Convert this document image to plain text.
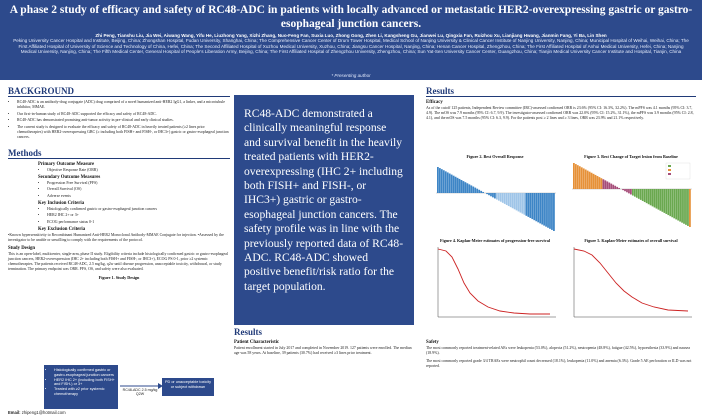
A phase 2 study of efficacy and safety of RC48-ADC in patients with locally advanced or metastatic HER2-overexpressing gastric or gastro-esophageal junction cancers.
Zhi Peng, Tianshu Liu, Jia Wei, Aiwang Wang, Yifu He, Liuzhong Yang, Xizhi Zhang, Nuo-Feng Fan, Suxia Luo, Zhong Gong, Zhen Li, Kangsheng Gu, Jianwei Lu, Qingxia Fan, Ruizhou Xu, Lianjiang Hwang, Jianmin Fang, Yi Ba, Lin Shen
Peking University Cancer Hospital and Institute, Beijing, China; Zhongshan Hospital, Fudan University, Shanghai, China; The Comprehensive Cancer Center of Drum Tower Hospital, Medical School of Nanjing University & Clinical Cancer Institute of Nanjing University, Nanjing, China; Municipal Hospital of Weihai, Weihai, China; The First Affiliated Hospital of University of Science and Technology of China, Hefei, China; The Second Affiliated Hospital of Xuzhou Medical University, Xuzhou, China; Jiangsu Cancer Hospital, Nanjing, China; Henan Cancer Hospital, Zhengzhou, China; The First Affiliated Hospital of Anhui Medical University, Hefei, China; Nanjing Medical University, Nanjing, China; The Fifth Medical Center, General Hospital of People's Liberation Army, Beijing, China; The First Affiliated Hospital of Zhengzhou University, Zhengzhou, China; Sun Yat-Sen University Cancer Center, Guangzhou, China; Tianjin Medical University Cancer Institute and Hospital, Tianjin, China
* Presenting author
BACKGROUND
• RC48-ADC is an antibody-drug conjugate (ADC) drug comprised of a novel humanized anti-HER2 IgG1, a linker, and a microtubule inhibitor, MMAE.
• Our first-in-human study of RC48-ADC supported the efficacy and safety of RC48-ADC.
• RC48-ADC has demonstrated promising anti-tumor activity in pre-clinical and early clinical studies.
• The current study is designed to evaluate the efficacy and safety of RC48-ADC in heavily treated patients (≥2 lines prior chemotherapies) with HER2-overexpressing GBC (≥ including both FISH+ and FISH-, or IHC3+) gastric or gastro-esophageal junction cancers.
Methods
Primary Outcome Measure
• Objective Response Rate (ORR)
Secondary Outcome Measures
• Progression Free Survival (PFS)
• Overall Survival (OS)
• Adverse events
Key Inclusion Criteria
• Histologically confirmed gastric or gastro-esophageal junction cancers
• HER2 IHC 2+ or 3+
• ECOG performance status 0-1
Key Exclusion Criteria
•Known hypersensitivity to Recombinant Humanized Anti-HER2 Monoclonal Antibody-MMAE Conjugate for injection. •Assessed by the investigator to be unable or unwilling to comply with the requirements of the protocol.
Study Design
This is an open-label, multicenter, single-arm, phase II study. Eligibility criteria include histologically confirmed gastric or gastro-esophageal junction cancers, HER2-overexpression (IHC 2+ including both FISH+ and FISH-, or IHC3+), ECOG PS 0-1, prior ≥2 systemic chemotherapies. The patients received RC48-ADC, 2.5 mg/kg, q2w until disease progression, unacceptable toxicity, withdrawal, or study termination. The primary endpoint was ORR. PFS, OS, and safety were also evaluated.
Figure 1. Study Design
• Histologically confirmed gastric or gastro-esophageal junction cancers
• HER2 IHC 2+ (including both FISH+ and FISH-) or 3+
• Treated with ≥2 prior systemic chemotherapy
RC48-ADC 2.5 mg/kg Q2W
PD or unacceptable toxicity or subject withdrawn
Email: zhipeng1@hotmail.com
RC48-ADC demonstrated a clinically meaningful response and survival benefit in the heavily treated patients with HER2-overexpressing (IHC 2+ including both FISH+ and FISH-, or IHC3+) gastric or gastro-esophageal junction cancers. The safety profile was in line with the previously reported data of RC48-ADC. RC48-ADC showed positive benefit/risk ratio for the target population.
Results
Patient Characteristic
Patient enrollment started in July 2017 and completed in November 2019. 127 patients were enrolled. The median age was 58 years. At baseline, 39 patients (30.7%) had received ≥3 lines prior treatment.
Results
Efficacy
As of the cutoff 125 patients, Independent Review committee (IRC)-assessed confirmed ORR is 23.6% (95% CI: 16.3%, 32.2%). The mPFS was 4.1 months (95% CI: 3.7, 4.9). The mOS was 7.9 months (95% CI: 6.7, 9.9). The investigator-assessed confirmed ORR was 22.0% (95% CI: 15.2%, 31.1%), the mPFS was 3.9 months (95% CI: 2.8, 4.1), and the mOS was 7.5 months (95% CI: 6.3, 9.9). For the patients post ≥ 2 lines and ≥ 3 lines, ORR was 23.9% and 21.1% respectively.
Figure 2. Best Overall Response	Figure 3. Best Change of Target lesion from Baseline
Figure 4. Kaplan-Meier estimates of progression-free survival	Figure 5. Kaplan-Meier estimates of overall survival
Safety
The most commonly reported treatment-related AEs were leukopenia (53.0%), alopecia (51.2%), neutropenia (48.8%), fatigue (42.5%), hypoesthesia (33.9%) and nausea (18.9%).
The most commonly reported grade 3/4 TRAEs were neutrophil count decreased (18.1%), leukopenia (11.0%) and anemia (6.3%). Grade 5 AE perforation or ILD was not reported.
